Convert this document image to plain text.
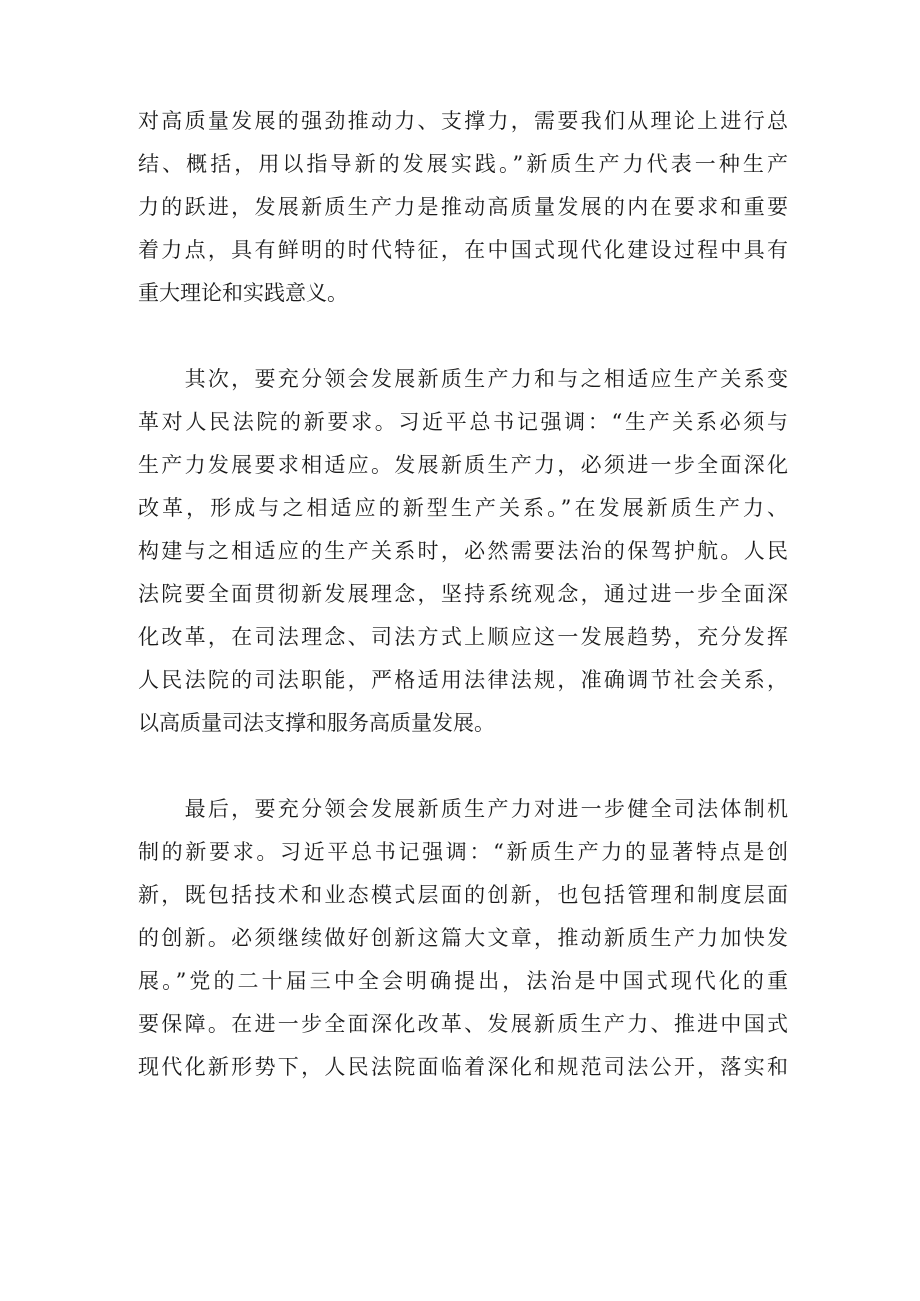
对高质量发展的强劲推动力、支撑力，需要我们从理论上进行总
结、概括，用以指导新的发展实践。”新质生产力代表一种生产
力的跃进，发展新质生产力是推动高质量发展的内在要求和重要
着力点，具有鲜明的时代特征，在中国式现代化建设过程中具有
重大理论和实践意义。
　　其次，要充分领会发展新质生产力和与之相适应生产关系变
革对人民法院的新要求。习近平总书记强调：“生产关系必须与
生产力发展要求相适应。发展新质生产力，必须进一步全面深化
改革，形成与之相适应的新型生产关系。”在发展新质生产力、
构建与之相适应的生产关系时，必然需要法治的保驾护航。人民
法院要全面贯彻新发展理念，坚持系统观念，通过进一步全面深
化改革，在司法理念、司法方式上顺应这一发展趋势，充分发挥
人民法院的司法职能，严格适用法律法规，准确调节社会关系，
以高质量司法支撑和服务高质量发展。
　　最后，要充分领会发展新质生产力对进一步健全司法体制机
制的新要求。习近平总书记强调：“新质生产力的显著特点是创
新，既包括技术和业态模式层面的创新，也包括管理和制度层面
的创新。必须继续做好创新这篇大文章，推动新质生产力加快发
展。”党的二十届三中全会明确提出，法治是中国式现代化的重
要保障。在进一步全面深化改革、发展新质生产力、推进中国式
现代化新形势下，人民法院面临着深化和规范司法公开，落实和
